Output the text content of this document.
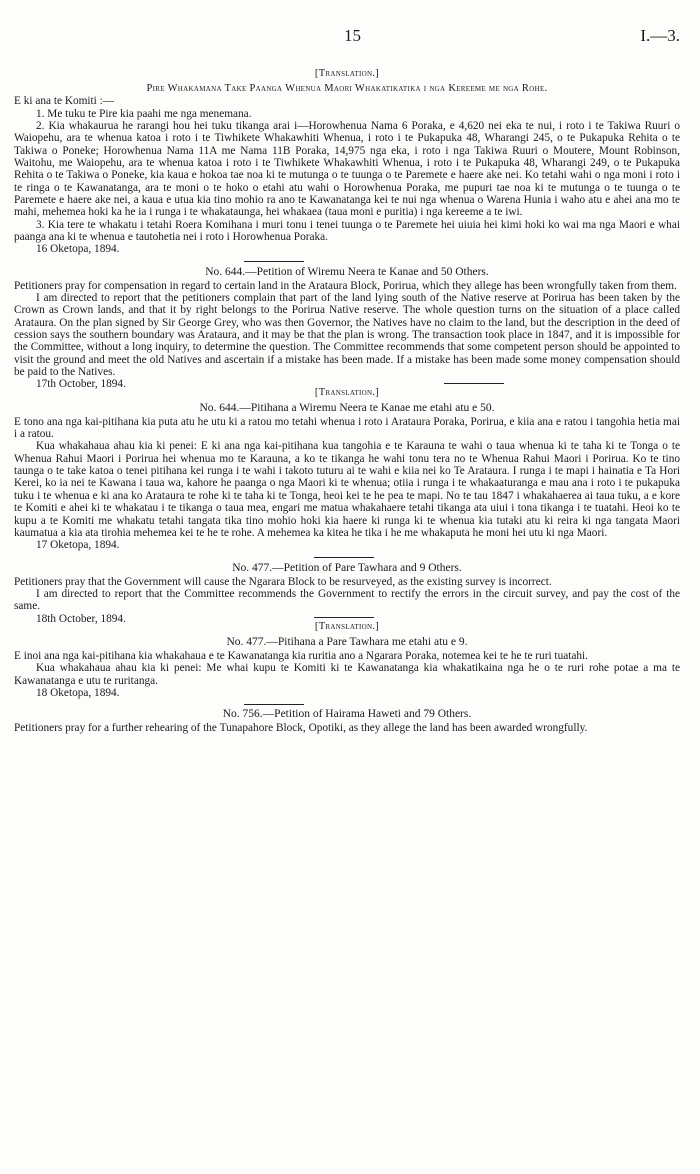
15	I.—3.
[Translation.]
Pire Whakamana Take Paanga Whenua Maori Whakatikatika i nga Kereeme me nga Rohe.

E ki ana te Komiti :—

1. Me tuku te Pire kia paahi me nga menemana.

2. Kia whakaurua he rarangi hou hei tuku tikanga arai i—Horowhenua Nama 6 Poraka, e 4,620 nei eka te nui, i roto i te Takiwa Ruuri o Waiopehu, ara te whenua katoa i roto i te Tiwhikete Whakawhiti Whenua, i roto i te Pukapuka 48, Wharangi 245, o te Pukapuka Rehita o te Takiwa o Poneke; Horowhenua Nama 11A me Nama 11B Poraka, 14,975 nga eka, i roto i nga Takiwa Ruuri o Moutere, Mount Robinson, Waitohu, me Waiopehu, ara te whenua katoa i roto i te Tiwhikete Whakawhiti Whenua, i roto i te Pukapuka 48, Wharangi 249, o te Pukapuka Rehita o te Takiwa o Poneke, kia kaua e hokoa tae noa ki te mutunga o te tuunga o te Paremete e haere ake nei. Ko tetahi wahi o nga moni i roto i te ringa o te Kawanatanga, ara te moni o te hoko o etahi atu wahi o Horowhenua Poraka, me pupuri tae noa ki te mutunga o te tuunga o te Paremete e haere ake nei, a kaua e utua kia tino mohio ra ano te Kawanatanga kei te nui nga whenua o Warena Hunia i waho atu e ahei ana mo te mahi, mehemea hoki ka he ia i runga i te whakataunga, hei whakaea (taua moni e puritia) i nga kereeme a te iwi.

3. Kia tere te whakatu i tetahi Roera Komihana i muri tonu i tenei tuunga o te Paremete hei uiuia hei kimi hoki ko wai ma nga Maori e whai paanga ana ki te whenua e tautohetia nei i roto i Horowhenua Poraka.

16 Oketopa, 1894.
No. 644.—Petition of Wiremu Neera te Kanae and 50 Others.

Petitioners pray for compensation in regard to certain land in the Arataura Block, Porirua, which they allege has been wrongfully taken from them.

I am directed to report that the petitioners complain that part of the land lying south of the Native reserve at Porirua has been taken by the Crown as Crown lands, and that it by right belongs to the Porirua Native reserve. The whole question turns on the situation of a place called Arataura. On the plan signed by Sir George Grey, who was then Governor, the Natives have no claim to the land, but the description in the deed of cession says the southern boundary was Arataura, and it may be that the plan is wrong. The transaction took place in 1847, and it is impossible for the Committee, without a long inquiry, to determine the question. The Committee recommends that some competent person should be appointed to visit the ground and meet the old Natives and ascertain if a mistake has been made. If a mistake has been made some money compensation should be paid to the Natives.

17th October, 1894.
[Translation.]
No. 644.—Pitihana a Wiremu Neera te Kanae me etahi atu e 50.

E tono ana nga kai-pitihana kia puta atu he utu ki a ratou mo tetahi whenua i roto i Arataura Poraka, Porirua, e kiia ana e ratou i tangohia hetia mai i a ratou.

Kua whakahaua ahau kia ki penei: E ki ana nga kai-pitihana kua tangohia e te Karauna te wahi o taua whenua ki te taha ki te Tonga o te Whenua Rahui Maori i Porirua hei whenua mo te Karauna, a ko te tikanga he wahi tonu tera no te Whenua Rahui Maori i Porirua. Ko te tino taunga o te take katoa o tenei pitihana kei runga i te wahi i takoto tuturu ai te wahi e kiia nei ko Te Arataura. I runga i te mapi i hainatia e Ta Hori Kerei, ko ia nei te Kawana i taua wa, kahore he paanga o nga Maori ki te whenua; otiia i runga i te whakaaturanga e mau ana i roto i te pukapuka tuku i te whenua e ki ana ko Arataura te rohe ki te taha ki te Tonga, heoi kei te he pea te mapi. No te tau 1847 i whakahaerea ai taua tuku, a e kore te Komiti e ahei ki te whakatau i te tikanga o taua mea, engari me matua whakahaere tetahi tikanga ata uiui i tona tikanga i te tuatahi. Heoi ko te kupu a te Komiti me whakatu tetahi tangata tika tino mohio hoki kia haere ki runga ki te whenua kia tutaki atu ki reira ki nga tangata Maori kaumatua a kia ata tirohia mehemea kei te he te rohe. A mehemea ka kitea he tika i he me whakaputa he moni hei utu ki nga Maori.

17 Oketopa, 1894.
No. 477.—Petition of Pare Tawhara and 9 Others.

Petitioners pray that the Government will cause the Ngarara Block to be resurveyed, as the existing survey is incorrect.

I am directed to report that the Committee recommends the Government to rectify the errors in the circuit survey, and pay the cost of the same.

18th October, 1894.
[Translation.]
No. 477.—Pitihana a Pare Tawhara me etahi atu e 9.

E inoi ana nga kai-pitihana kia whakahaua e te Kawanatanga kia ruritia ano a Ngarara Poraka, notemea kei te he te ruri tuatahi.

Kua whakahaua ahau kia ki penei: Me whai kupu te Komiti ki te Kawanatanga kia whakatikaina nga he o te ruri rohe potae a ma te Kawanatanga e utu te ruritanga.

18 Oketopa, 1894.
No. 756.—Petition of Hairama Haweti and 79 Others.

Petitioners pray for a further rehearing of the Tunapahore Block, Opotiki, as they allege the land has been awarded wrongfully.
